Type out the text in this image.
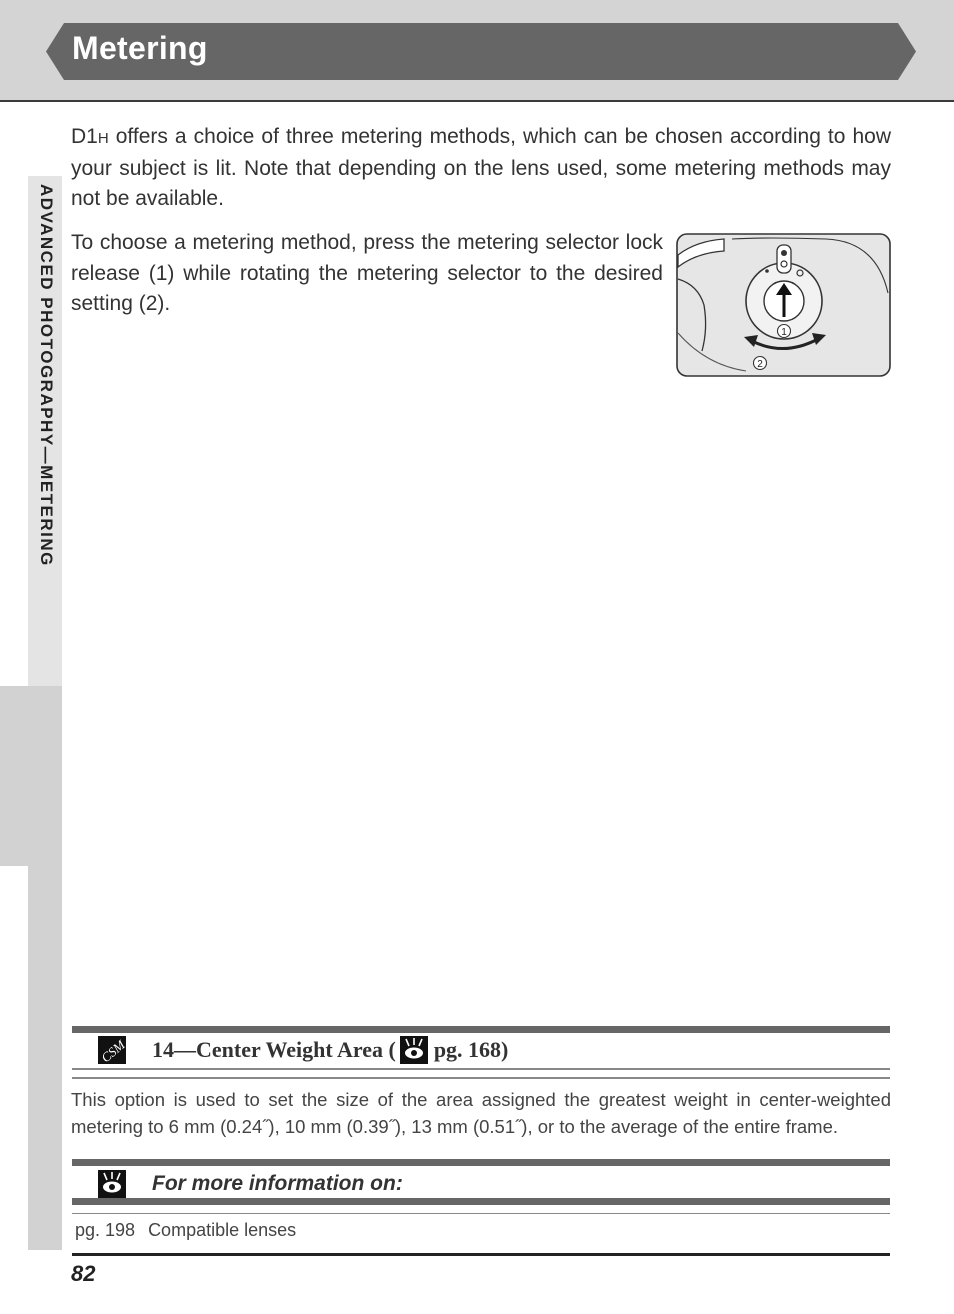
Metering
ADVANCED PHOTOGRAPHY—METERING

D1H offers a choice of three metering methods, which can be chosen according to how your subject is lit. Note that depending on the lens used, some metering methods may not be available.

To choose a metering method, press the metering selector lock release (1) while rotating the metering selector to the desired setting (2).

1
2
CSM 14—Center Weight Area ( pg. 168)

This option is used to set the size of the area assigned the greatest weight in center-weighted metering to 6 mm (0.24˝), 10 mm (0.39˝), 13 mm (0.51˝), or to the average of the entire frame.

For more information on:
pg. 198 Compatible lenses
82
